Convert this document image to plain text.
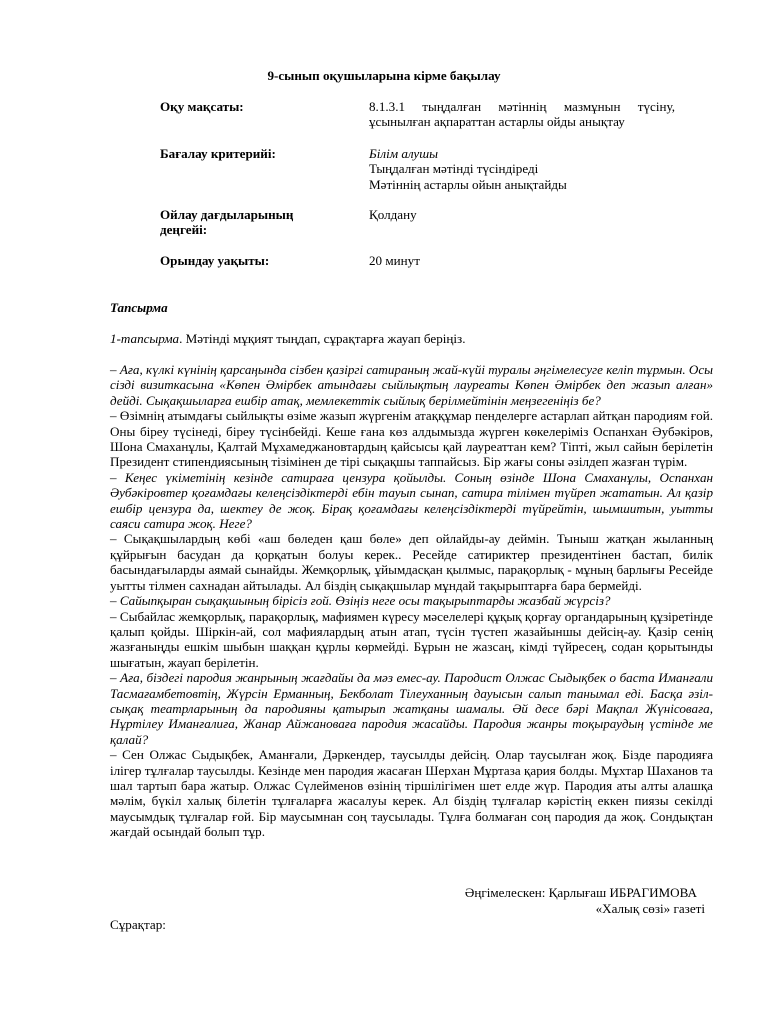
9-сынып оқушыларына кірме бақылау
Оқу мақсаты:	8.1.3.1 тыңдалған мәтіннің мазмұнын түсіну, ұсынылған ақпараттан астарлы ойды анықтау
Бағалау критерийі:	Білім алушы
Тыңдалған мәтінді түсіндіреді
Мәтіннің астарлы ойын анықтайды
Ойлау дағдыларының деңгейі:
Қолдану
Орындау уақыты:	20 минут
Тапсырма
1-тапсырма. Мәтінді мұқият тыңдап, сұрақтарға жауап беріңіз.

– Аға, күлкі күнінің қарсаңында сізбен қазіргі сатираның жай-күйі туралы әңгімелесуге келіп тұрмын. Осы сізді визиткасына «Көпен Әмірбек атындағы сыйлықтың лауреаты Көпен Әмірбек деп жазып алған» дейді. Сықақшыларға ешбір атақ, мемлекеттік сыйлық берілмейтінін меңзегеніңіз бе?

– Өзімнің атымдағы сыйлықты өзіме жазып жүргенім атаққұмар пенделерге астарлап айтқан пародиям ғой. Оны біреу түсінеді, біреу түсінбейді. Кеше ғана көз алдымызда жүрген көкелеріміз Оспанхан Әубәкіров, Шона Смаханұлы, Қалтай Мұхамеджановтардың қайсысы қай лауреаттан кем? Тіпті, жыл сайын берілетін Президент стипендиясының тізімінен де тірі сықақшы таппайсыз. Бір жағы соны әзілдеп жазған түрім.

– Кеңес үкіметінің кезінде сатираға цензура қойылды. Соның өзінде Шона Смаханұлы, Оспанхан Әубәкіровтер қоғамдағы келеңсіздіктерді ебін тауып сынап, сатира тілімен түйреп жататын. Ал қазір ешбір цензура да, шектеу де жоқ. Бірақ қоғамдағы келеңсіздіктерді түйрейтін, шымшитын, уытты саяси сатира жоқ. Неге?

– Сықақшылардың көбі «аш бөледен қаш бөле» деп ойлайды-ау деймін. Тыныш жатқан жыланның құйрығын басудан да қорқатын болуы керек.. Ресейде сатириктер президентінен бастап, билік басындағыларды аямай сынайды. Жемқорлық, ұйымдасқан қылмыс, парақорлық - мұның барлығы Ресейде уытты тілмен сахнадан айтылады. Ал біздің сықақшылар мұндай тақырыптарға бара бермейді.

– Сайыпқыран сықақшының бірісіз ғой. Өзіңіз неге осы тақырыптарды жазбай жүрсіз?

– Сыбайлас жемқорлық, парақорлық, мафиямен күресу мәселелері құқық қорғау органдарының құзіретінде қалып қойды. Шіркін-ай, сол мафиялардың атын атап, түсін түстеп жазайыншы дейсің-ау. Қазір сенің жазғаныңды ешкім шыбын шаққан құрлы көрмейді. Бұрын не жазсаң, кімді түйресең, содан қорытынды шығатын, жауап берілетін.

– Аға, біздегі пародия жанрының жағдайы да мәз емес-ау. Пародист Олжас Сыдықбек о баста Иманғали Тасмағамбетовтің, Жүрсін Ерманның, Бекболат Тілеуханның дауысын салып танымал еді. Басқа әзіл-сықақ театрларының да пародияны қатырып жатқаны шамалы. Әй десе бәрі Мақпал Жүнісоваға, Нұртілеу Иманғалиға, Жанар Айжановаға пародия жасайды. Пародия жанры тоқыраудың үстінде ме қалай?

– Сен Олжас Сыдықбек, Аманғали, Дәркендер, таусылды дейсің. Олар таусылған жоқ. Бізде пародияға ілігер тұлғалар таусылды. Кезінде мен пародия жасаған Шерхан Мұртаза қария болды. Мұхтар Шаханов та шал тартып бара жатыр. Олжас Сүлейменов өзінің тіршілігімен шет елде жүр. Пародия аты алты алашқа мәлім, бүкіл халық білетін тұлғаларға жасалуы керек. Ал біздің тұлғалар кәрістің еккен пиязы секілді маусымдық тұлғалар ғой. Бір маусымнан соң таусылады. Тұлға болмаған соң пародия да жоқ. Сондықтан жағдай осындай болып тұр.

Әңгімелескен: Қарлығаш ИБРАГИМОВА
«Халық сөзі» газеті
Сұрақтар:
